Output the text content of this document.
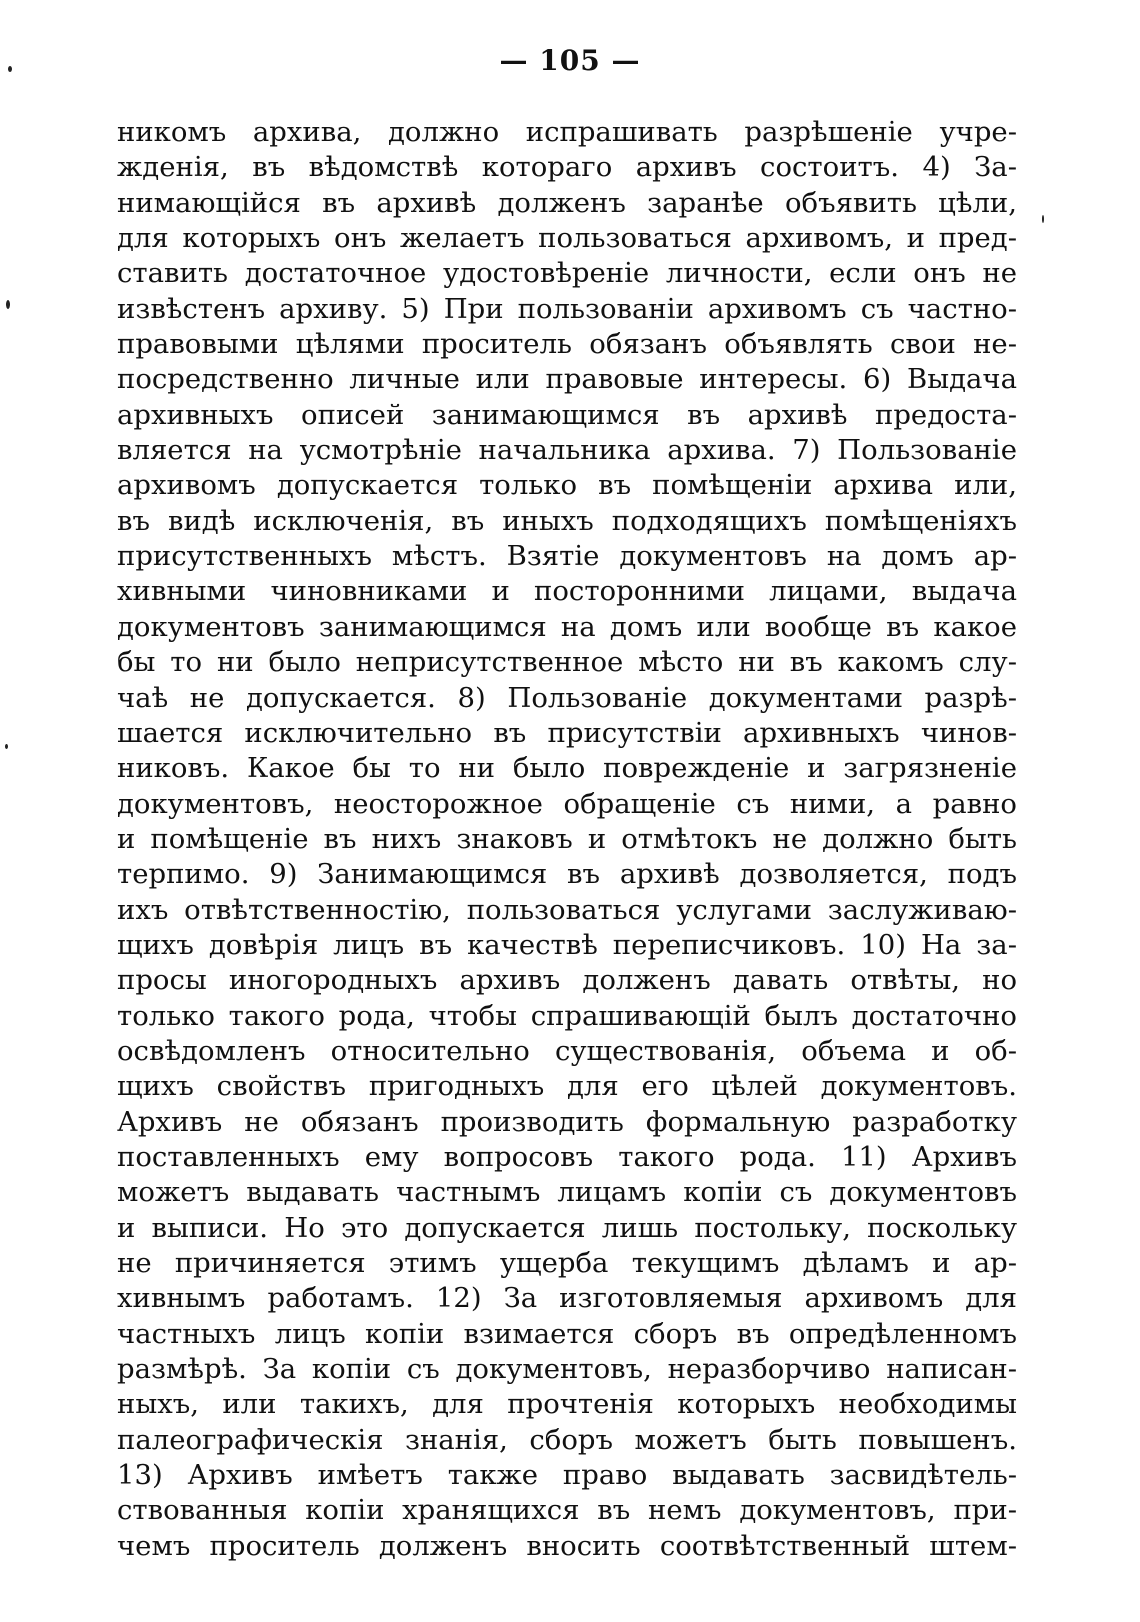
— 105 —
никомъ архива, должно испрашивать разрѣшеніе учре-
жденія, въ вѣдомствѣ котораго архивъ состоитъ. 4) За-
нимающійся въ архивѣ долженъ заранѣе объявить цѣли,
для которыхъ онъ желаетъ пользоваться архивомъ, и пред-
ставить достаточное удостовѣреніе личности, если онъ не
извѣстенъ архиву. 5) При пользованіи архивомъ съ частно-
правовыми цѣлями проситель обязанъ объявлять свои не-
посредственно личные или правовые интересы. 6) Выдача
архивныхъ описей занимающимся въ архивѣ предоста-
вляется на усмотрѣніе начальника архива. 7) Пользованіе
архивомъ допускается только въ помѣщеніи архива или,
въ видѣ исключенія, въ иныхъ подходящихъ помѣщеніяхъ
присутственныхъ мѣстъ. Взятіе документовъ на домъ ар-
хивными чиновниками и посторонними лицами, выдача
документовъ занимающимся на домъ или вообще въ какое
бы то ни было неприсутственное мѣсто ни въ какомъ слу-
чаѣ не допускается. 8) Пользованіе документами разрѣ-
шается исключительно въ присутствіи архивныхъ чинов-
никовъ. Какое бы то ни было поврежденіе и загрязненіе
документовъ, неосторожное обращеніе съ ними, а равно
и помѣщеніе въ нихъ знаковъ и отмѣтокъ не должно быть
терпимо. 9) Занимающимся въ архивѣ дозволяется, подъ
ихъ отвѣтственностію, пользоваться услугами заслуживаю-
щихъ довѣрія лицъ въ качествѣ переписчиковъ. 10) На за-
просы иногородныхъ архивъ долженъ давать отвѣты, но
только такого рода, чтобы спрашивающій былъ достаточно
освѣдомленъ относительно существованія, объема и об-
щихъ свойствъ пригодныхъ для его цѣлей документовъ.
Архивъ не обязанъ производить формальную разработку
поставленныхъ ему вопросовъ такого рода. 11) Архивъ
можетъ выдавать частнымъ лицамъ копіи съ документовъ
и выписи. Но это допускается лишь постольку, поскольку
не причиняется этимъ ущерба текущимъ дѣламъ и ар-
хивнымъ работамъ. 12) За изготовляемыя архивомъ для
частныхъ лицъ копіи взимается сборъ въ опредѣленномъ
размѣрѣ. За копіи съ документовъ, неразборчиво написан-
ныхъ, или такихъ, для прочтенія которыхъ необходимы
палеографическія знанія, сборъ можетъ быть повышенъ.
13) Архивъ имѣетъ также право выдавать засвидѣтель-
ствованныя копіи хранящихся въ немъ документовъ, при-
чемъ проситель долженъ вносить соотвѣтственный штем-
